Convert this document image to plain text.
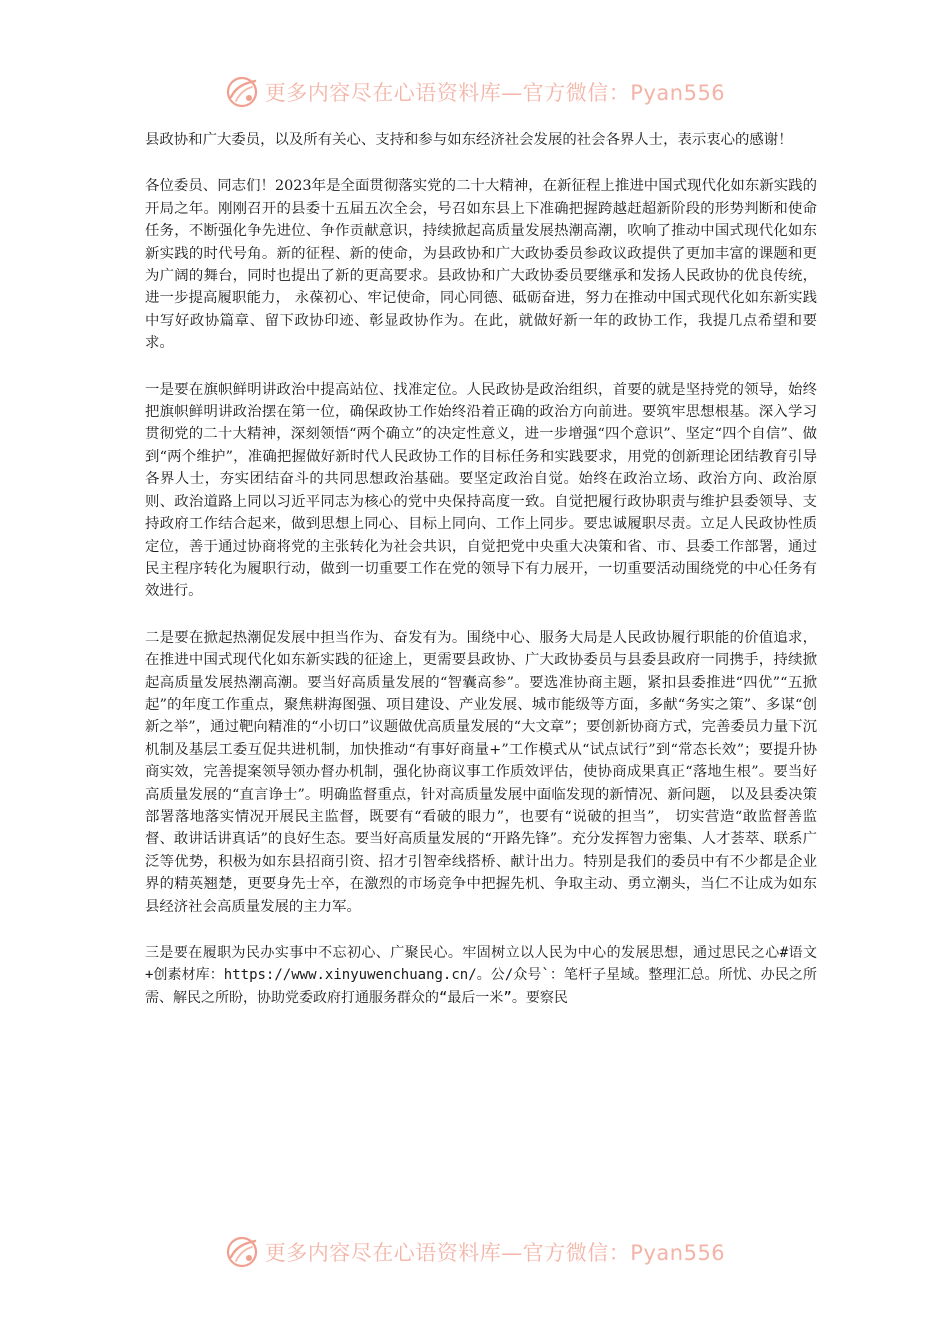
更多内容尽在心语资料库—官方微信：Pyan556

县政协和广大委员，以及所有关心、支持和参与如东经济社会发展的社会各界人士，表示衷心的感谢！

各位委员、同志们！2023年是全面贯彻落实党的二十大精神，在新征程上推进中国式现代化如东新实践的开局之年。刚刚召开的县委十五届五次全会，号召如东县上下准确把握跨越赶超新阶段的形势判断和使命任务，不断强化争先进位、争作贡献意识，持续掀起高质量发展热潮高潮，吹响了推动中国式现代化如东新实践的时代号角。新的征程、新的使命，为县政协和广大政协委员参政议政提供了更加丰富的课题和更为广阔的舞台，同时也提出了新的更高要求。县政协和广大政协委员要继承和发扬人民政协的优良传统，进一步提高履职能力， 永葆初心、牢记使命，同心同德、砥砺奋进，努力在推动中国式现代化如东新实践中写好政协篇章、留下政协印迹、彰显政协作为。在此，就做好新一年的政协工作，我提几点希望和要求。

一是要在旗帜鲜明讲政治中提高站位、找准定位。人民政协是政治组织，首要的就是坚持党的领导，始终把旗帜鲜明讲政治摆在第一位，确保政协工作始终沿着正确的政治方向前进。要筑牢思想根基。深入学习贯彻党的二十大精神，深刻领悟“两个确立”的决定性意义，进一步增强“四个意识”、坚定“四个自信”、做到“两个维护”，准确把握做好新时代人民政协工作的目标任务和实践要求，用党的创新理论团结教育引导各界人士，夯实团结奋斗的共同思想政治基础。要坚定政治自觉。始终在政治立场、政治方向、政治原则、政治道路上同以习近平同志为核心的党中央保持高度一致。自觉把履行政协职责与维护县委领导、支持政府工作结合起来，做到思想上同心、目标上同向、工作上同步。要忠诚履职尽责。立足人民政协性质定位，善于通过协商将党的主张转化为社会共识，自觉把党中央重大决策和省、市、县委工作部署，通过民主程序转化为履职行动，做到一切重要工作在党的领导下有力展开，一切重要活动围绕党的中心任务有效进行。

二是要在掀起热潮促发展中担当作为、奋发有为。围绕中心、服务大局是人民政协履行职能的价值追求，在推进中国式现代化如东新实践的征途上，更需要县政协、广大政协委员与县委县政府一同携手，持续掀起高质量发展热潮高潮。要当好高质量发展的“智囊高参”。要选准协商主题，紧扣县委推进“四优”“五掀起”的年度工作重点，聚焦耕海图强、项目建设、产业发展、城市能级等方面，多献“务实之策”、多谋“创新之举”，通过靶向精准的“小切口”议题做优高质量发展的“大文章”；要创新协商方式，完善委员力量下沉机制及基层工委互促共进机制，加快推动“有事好商量+”工作模式从“试点试行”到“常态长效”；要提升协商实效，完善提案领导领办督办机制，强化协商议事工作质效评估，使协商成果真正“落地生根”。要当好高质量发展的“直言诤士”。明确监督重点，针对高质量发展中面临发现的新情况、新问题， 以及县委决策部署落地落实情况开展民主监督，既要有“看破的眼力”，也要有“说破的担当”， 切实营造“敢监督善监督、敢讲话讲真话”的良好生态。要当好高质量发展的“开路先锋”。充分发挥智力密集、人才荟萃、联系广泛等优势，积极为如东县招商引资、招才引智牵线搭桥、献计出力。特别是我们的委员中有不少都是企业界的精英翘楚，更要身先士卒，在激烈的市场竞争中把握先机、争取主动、勇立潮头，当仁不让成为如东县经济社会高质量发展的主力军。

三是要在履职为民办实事中不忘初心、广聚民心。牢固树立以人民为中心的发展思想，通过思民之心#语文+创素材库：https://www.xinyuwenchuang.cn/。公/众号`：笔杆子星域。整理汇总。所忧、办民之所需、解民之所盼，协助党委政府打通服务群众的“最后一米”。要察民

更多内容尽在心语资料库—官方微信：Pyan556
